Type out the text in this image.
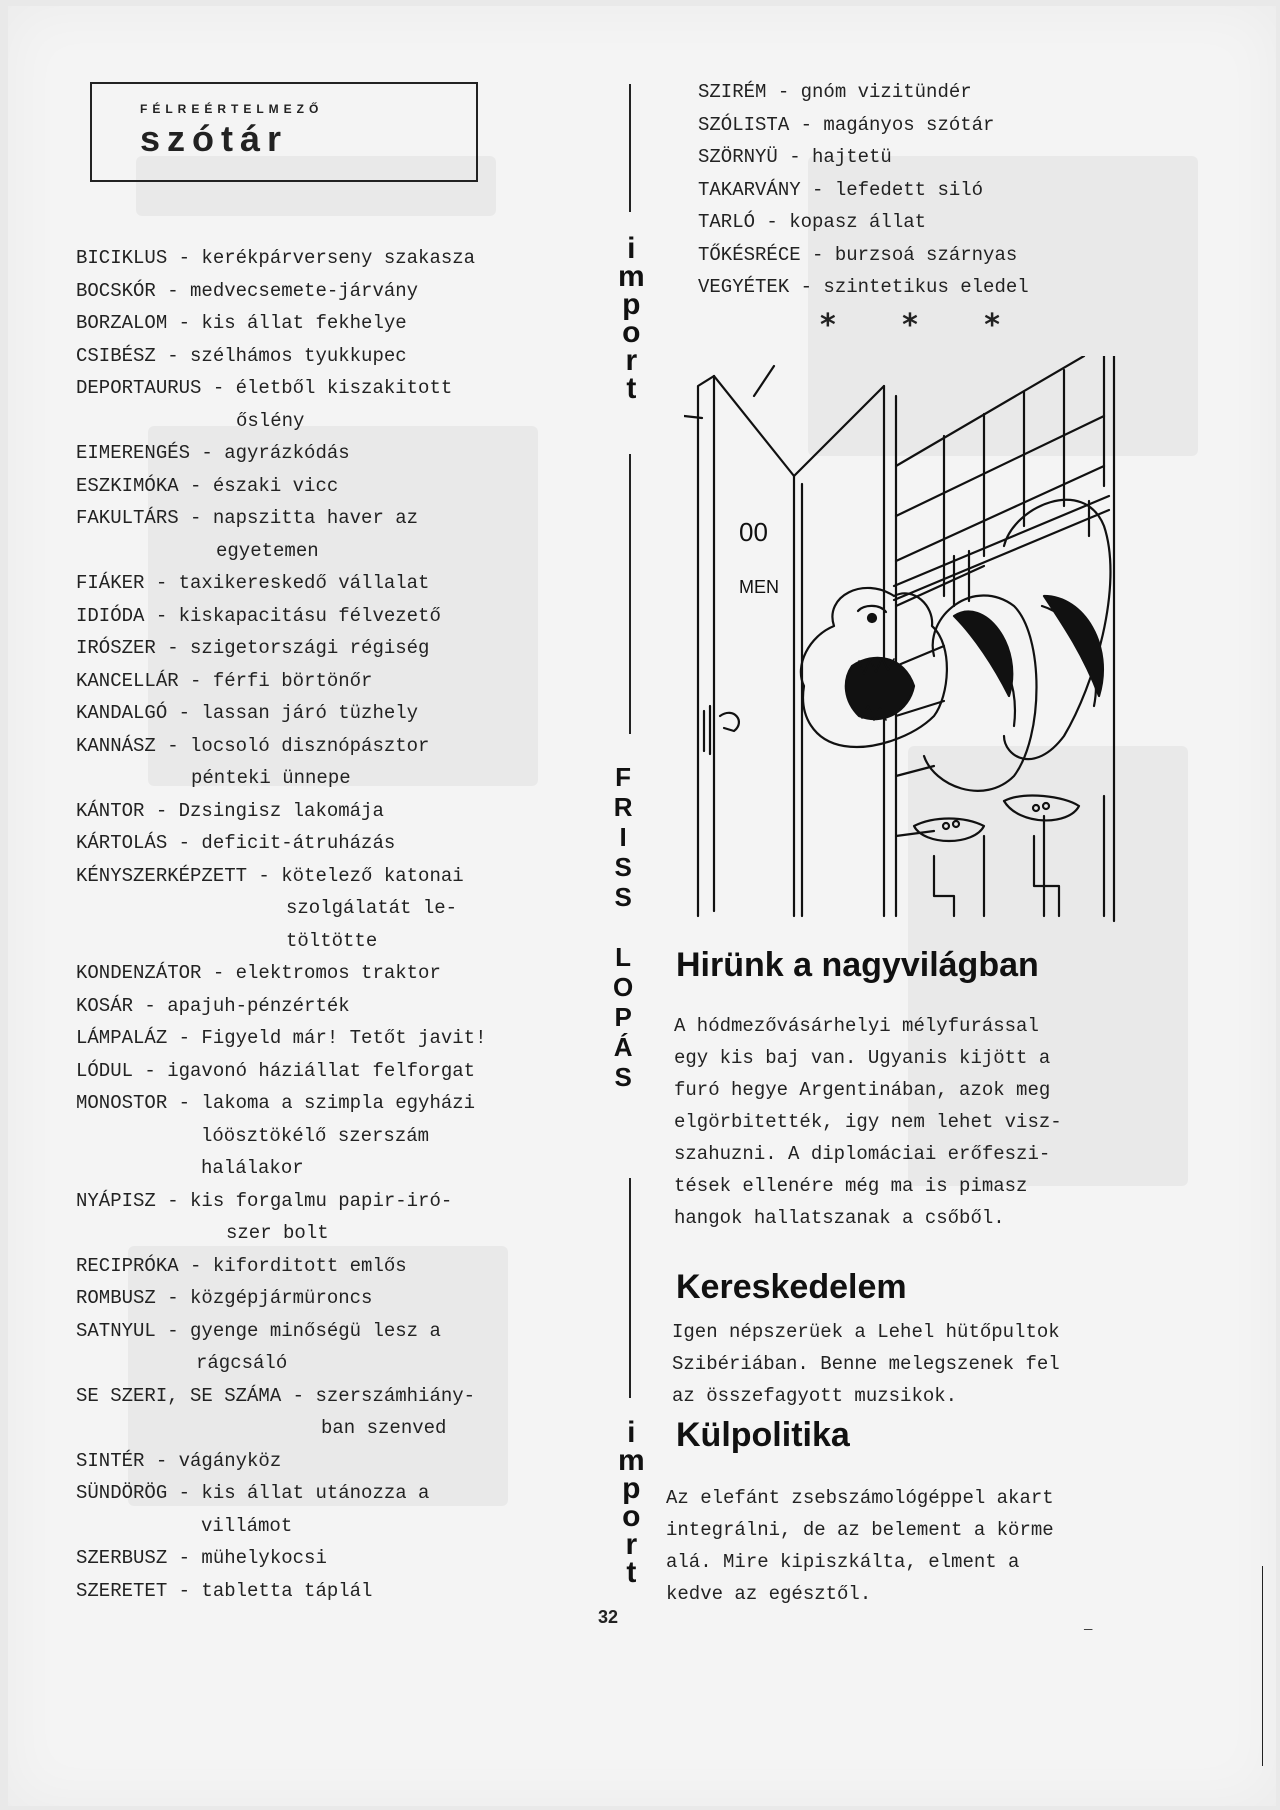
FÉLREÉRTELMEZŐ
szótár
BICIKLUS - kerékpárverseny szakasza
BOCSKÓR - medvecsemete-járvány
BORZALOM - kis állat fekhelye
CSIBÉSZ - szélhámos tyukkupec
DEPORTAURUS - életből kiszakitott
őslény
EIMERENGÉS - agyrázkódás
ESZKIMÓKA - északi vicc
FAKULTÁRS - napszitta haver az
egyetemen
FIÁKER - taxikereskedő vállalat
IDIÓDA - kiskapacitásu félvezető
IRÓSZER - szigetországi régiség
KANCELLÁR - férfi börtönőr
KANDALGÓ - lassan járó tüzhely
KANNÁSZ - locsoló disznópásztor
pénteki ünnepe
KÁNTOR - Dzsingisz lakomája
KÁRTOLÁS - deficit-átruházás
KÉNYSZERKÉPZETT - kötelező katonai
szolgálatát le-
töltötte
KONDENZÁTOR - elektromos traktor
KOSÁR - apajuh-pénzérték
LÁMPALÁZ - Figyeld már! Tetőt javit!
LÓDUL - igavonó háziállat felforgat
MONOSTOR - lakoma a szimpla egyházi
lóösztökélő szerszám
halálakor
NYÁPISZ - kis forgalmu papir-iró-
szer bolt
RECIPRÓKA - kiforditott emlős
ROMBUSZ - közgépjármüroncs
SATNYUL - gyenge minőségü lesz a
rágcsáló
SE SZERI, SE SZÁMA - szerszámhiány-
ban szenved
SINTÉR - vágányköz
SÜNDÖRÖG - kis állat utánozza a
villámot
SZERBUSZ - mühelykocsi
SZERETET - tabletta táplál
i
m
p
o
r
t
F
R
I
S
S
L
O
P
Á
S
i
m
p
o
r
t
32
SZIRÉM - gnóm vizitündér
SZÓLISTA - magányos szótár
SZÖRNYÜ - hajtetü
TAKARVÁNY - lefedett siló
TARLÓ - kopasz állat
TŐKÉSRÉCE - burzsoá szárnyas
VEGYÉTEK - szintetikus eledel
* * *
00
MEN
Hirünk a nagyvilágban
A hódmezővásárhelyi mélyfurással
egy kis baj van. Ugyanis kijött a
furó hegye Argentinában, azok meg
elgörbitették, igy nem lehet visz-
szahuzni. A diplomáciai erőfeszi-
tések ellenére még ma is pimasz
hangok hallatszanak a csőből.
Kereskedelem
Igen népszerüek a Lehel hütőpultok
Szibériában. Benne melegszenek fel
az összefagyott muzsikok.
Külpolitika
Az elefánt zsebszámológéppel akart
integrálni, de az belement a körme
alá. Mire kipiszkálta, elment a
kedve az egésztől.
—
